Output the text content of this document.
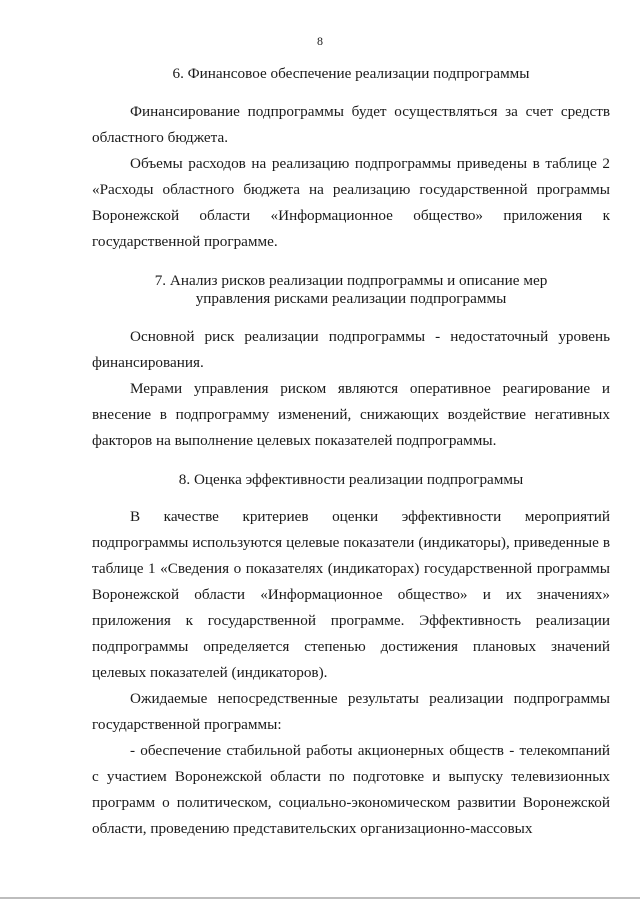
8
6. Финансовое обеспечение реализации подпрограммы

Финансирование подпрограммы будет осуществляться за счет средств областного бюджета.

Объемы расходов на реализацию подпрограммы приведены в таблице 2 «Расходы областного бюджета на реализацию государственной программы Воронежской области «Информационное общество» приложения к государственной программе.

7. Анализ рисков реализации подпрограммы и описание мер
управления рисками реализации подпрограммы

Основной риск реализации подпрограммы - недостаточный уровень финансирования.

Мерами управления риском являются оперативное реагирование и внесение в подпрограмму изменений, снижающих воздействие негативных факторов на выполнение целевых показателей подпрограммы.

8. Оценка эффективности реализации подпрограммы

В качестве критериев оценки эффективности мероприятий подпрограммы используются целевые показатели (индикаторы), приведенные в таблице 1 «Сведения о показателях (индикаторах) государственной программы Воронежской области «Информационное общество» и их значениях» приложения к государственной программе. Эффективность реализации подпрограммы определяется степенью достижения плановых значений целевых показателей (индикаторов).

Ожидаемые непосредственные результаты реализации подпрограммы государственной программы:

- обеспечение стабильной работы акционерных обществ - телекомпаний с участием Воронежской области по подготовке и выпуску телевизионных программ о политическом, социально-экономическом развитии Воронежской области, проведению представительских организационно-массовых
